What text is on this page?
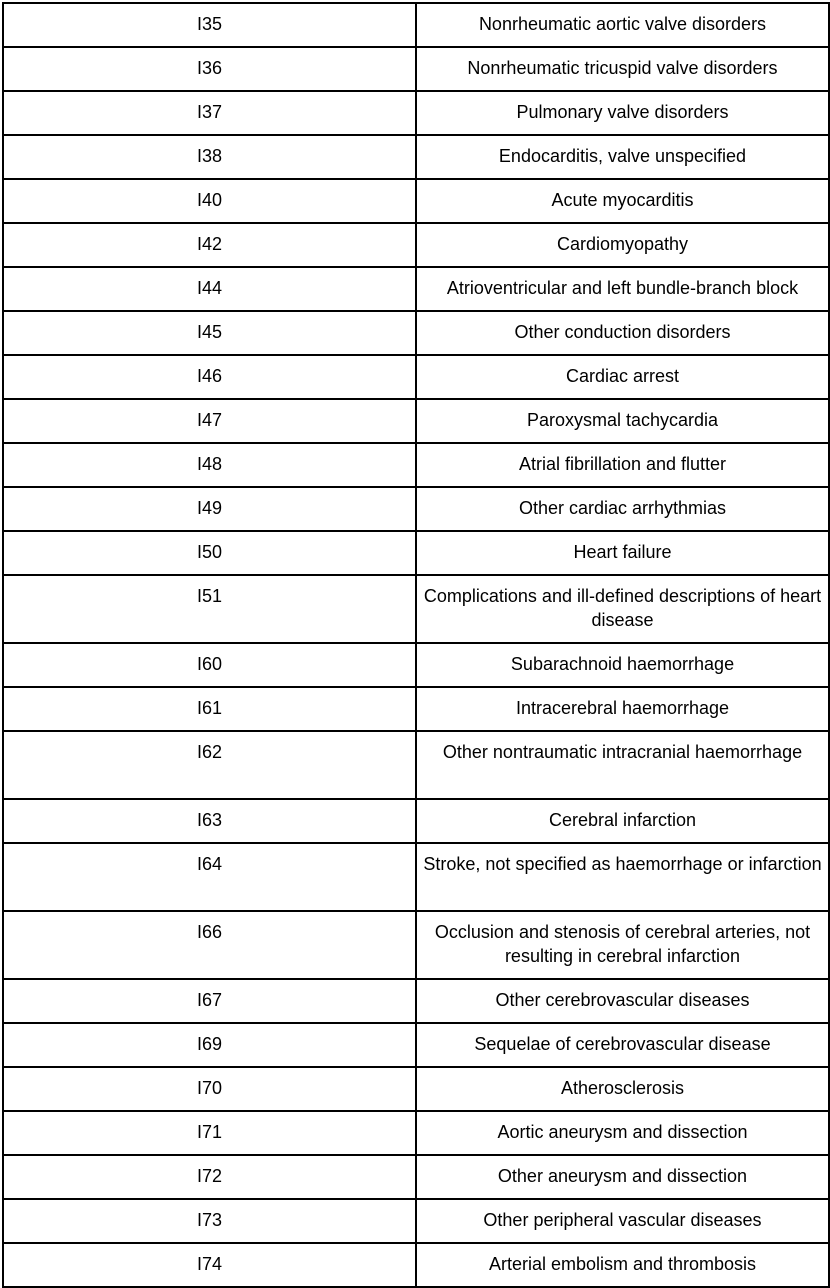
I35	Nonrheumatic aortic valve disorders
I36	Nonrheumatic tricuspid valve disorders
I37	Pulmonary valve disorders
I38	Endocarditis, valve unspecified
I40	Acute myocarditis
I42	Cardiomyopathy
I44	Atrioventricular and left bundle-branch block
I45	Other conduction disorders
I46	Cardiac arrest
I47	Paroxysmal tachycardia
I48	Atrial fibrillation and flutter
I49	Other cardiac arrhythmias
I50	Heart failure
I51	Complications and ill-defined descriptions of heart disease
I60	Subarachnoid haemorrhage
I61	Intracerebral haemorrhage
I62	Other nontraumatic intracranial haemorrhage
I63	Cerebral infarction
I64	Stroke, not specified as haemorrhage or infarction
I66	Occlusion and stenosis of cerebral arteries, not resulting in cerebral infarction
I67	Other cerebrovascular diseases
I69	Sequelae of cerebrovascular disease
I70	Atherosclerosis
I71	Aortic aneurysm and dissection
I72	Other aneurysm and dissection
I73	Other peripheral vascular diseases
I74	Arterial embolism and thrombosis
